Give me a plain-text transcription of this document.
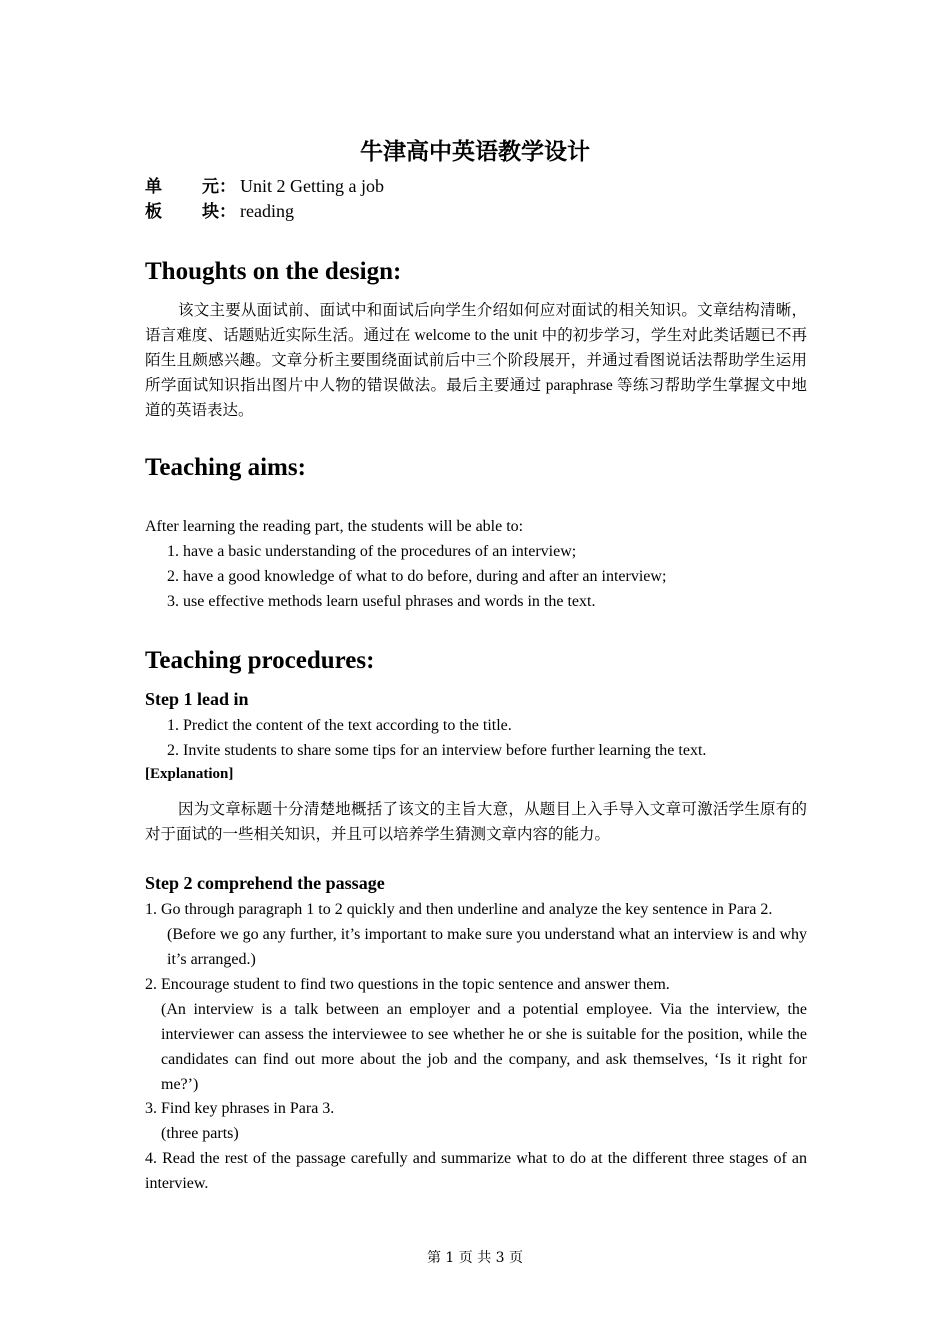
牛津高中英语教学设计
单 元： Unit 2 Getting a job
板 块： reading
Thoughts on the design:
该文主要从面试前、面试中和面试后向学生介绍如何应对面试的相关知识。文章结构清晰，语言难度、话题贴近实际生活。通过在 welcome to the unit 中的初步学习，学生对此类话题已不再陌生且颇感兴趣。文章分析主要围绕面试前后中三个阶段展开，并通过看图说话法帮助学生运用所学面试知识指出图片中人物的错误做法。最后主要通过 paraphrase 等练习帮助学生掌握文中地道的英语表达。
Teaching aims:
After learning the reading part, the students will be able to:
1. have a basic understanding of the procedures of an interview;
2. have a good knowledge of what to do before, during and after an interview;
3. use effective methods learn useful phrases and words in the text.
Teaching procedures:
Step 1 lead in
1. Predict the content of the text according to the title.
2. Invite students to share some tips for an interview before further learning the text.
[Explanation]
因为文章标题十分清楚地概括了该文的主旨大意，从题目上入手导入文章可激活学生原有的对于面试的一些相关知识，并且可以培养学生猜测文章内容的能力。
Step 2 comprehend the passage
1. Go through paragraph 1 to 2 quickly and then underline and analyze the key sentence in Para 2.
(Before we go any further, it’s important to make sure you understand what an interview is and why it’s arranged.)
2. Encourage student to find two questions in the topic sentence and answer them.
(An interview is a talk between an employer and a potential employee. Via the interview, the interviewer can assess the interviewee to see whether he or she is suitable for the position, while the candidates can find out more about the job and the company, and ask themselves, ‘Is it right for me?’)
3. Find key phrases in Para 3.
(three parts)
4. Read the rest of the passage carefully and summarize what to do at the different three stages of an interview.
第 1 页 共 3 页
